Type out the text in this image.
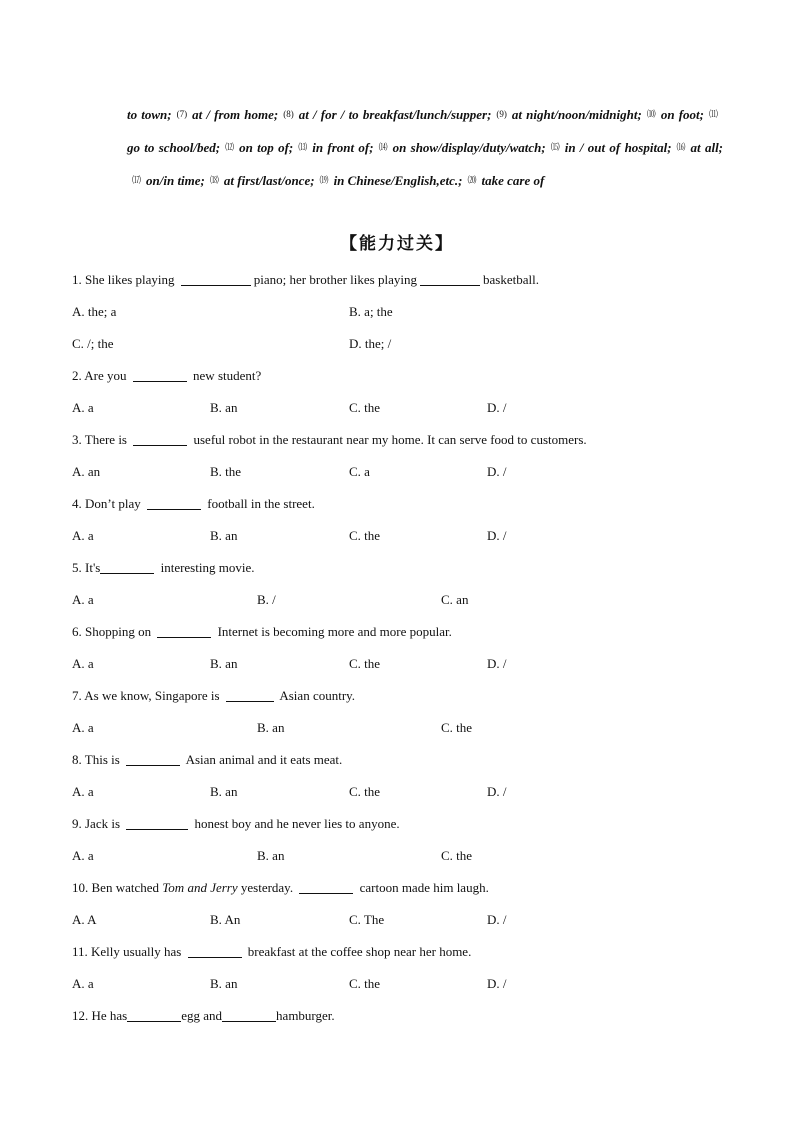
to town; (7) at / from home; (8) at / for / to breakfast/lunch/supper; (9) at night/noon/midnight; ⑽ on foot; ⑾go to school/bed; ⑿ on top of; ⒀ in front of; ⒁ on show/display/duty/watch; ⒂ in / out of hospital; ⒃ at all;⒄ on/in time; ⒅ at first/last/once; ⒆ in Chinese/English,etc.; ⒇ take care of
【能力过关】
1. She likes playing	piano; her brother likes playing	basketball.
A. the; a	B. a; the
C. /; the	D. the; /
2. Are you	new student?
A. a	B. an	C. the	D. /
3. There is	useful robot in the restaurant near my home. It can serve food to customers.
A. an	B. the	C. a	D. /
4. Don’t play	football in the street.
A. a	B. an	C. the	D. /
5. It's	interesting movie.
A. a	B. /	C. an
6. Shopping on	Internet is becoming more and more popular.
A. a	B. an	C. the	D. /
7. As we know, Singapore is	Asian country.
A. a	B. an	C. the
8. This is	Asian animal and it eats meat.
A. a	B. an	C. the	D. /
9. Jack is	honest boy and he never lies to anyone.
A. a	B. an	C. the
10. Ben watched Tom and Jerry yesterday.	cartoon made him laugh.
A. A	B. An	C. The	D. /
11. Kelly usually has	breakfast at the coffee shop near her home.
A. a	B. an	C. the	D. /
12. He has	egg and	hamburger.
